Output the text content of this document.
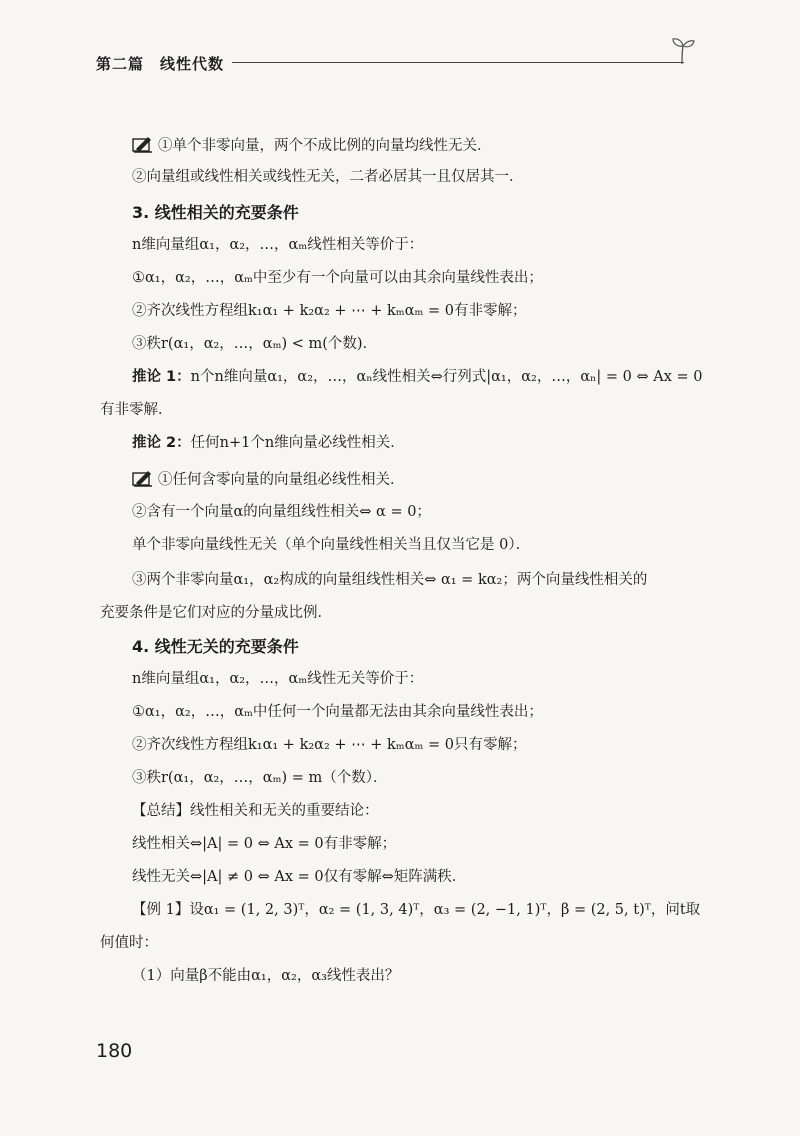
第二篇　线性代数
①单个非零向量，两个不成比例的向量均线性无关．
②向量组或线性相关或线性无关，二者必居其一且仅居其一．
3. 线性相关的充要条件
n维向量组α₁，α₂，…，αₘ线性相关等价于：
①α₁，α₂，…，αₘ中至少有一个向量可以由其余向量线性表出；
②齐次线性方程组k₁α₁ + k₂α₂ + ⋯ + kₘαₘ = 0有非零解；
③秩r(α₁，α₂，…，αₘ) < m(个数)．
推论 1：n个n维向量α₁，α₂，…，αₙ线性相关⇔行列式|α₁，α₂，…，αₙ| = 0 ⇔ Ax = 0
有非零解．
推论 2：任何n+1个n维向量必线性相关．
①任何含零向量的向量组必线性相关．
②含有一个向量α的向量组线性相关⇔ α = 0；
单个非零向量线性无关（单个向量线性相关当且仅当它是 0）．
③两个非零向量α₁，α₂构成的向量组线性相关⇔ α₁ = kα₂；两个向量线性相关的
充要条件是它们对应的分量成比例．
4. 线性无关的充要条件
n维向量组α₁，α₂，…，αₘ线性无关等价于：
①α₁，α₂，…，αₘ中任何一个向量都无法由其余向量线性表出；
②齐次线性方程组k₁α₁ + k₂α₂ + ⋯ + kₘαₘ = 0只有零解；
③秩r(α₁，α₂，…，αₘ) = m（个数）．
【总结】线性相关和无关的重要结论：
线性相关⇔|A| = 0 ⇔ Ax = 0有非零解；
线性无关⇔|A| ≠ 0 ⇔ Ax = 0仅有零解⇔矩阵满秩．
【例 1】设α₁ = (1, 2, 3)ᵀ，α₂ = (1, 3, 4)ᵀ，α₃ = (2, −1, 1)ᵀ，β = (2, 5, t)ᵀ，问t取
何值时：
（1）向量β不能由α₁，α₂，α₃线性表出？
180
